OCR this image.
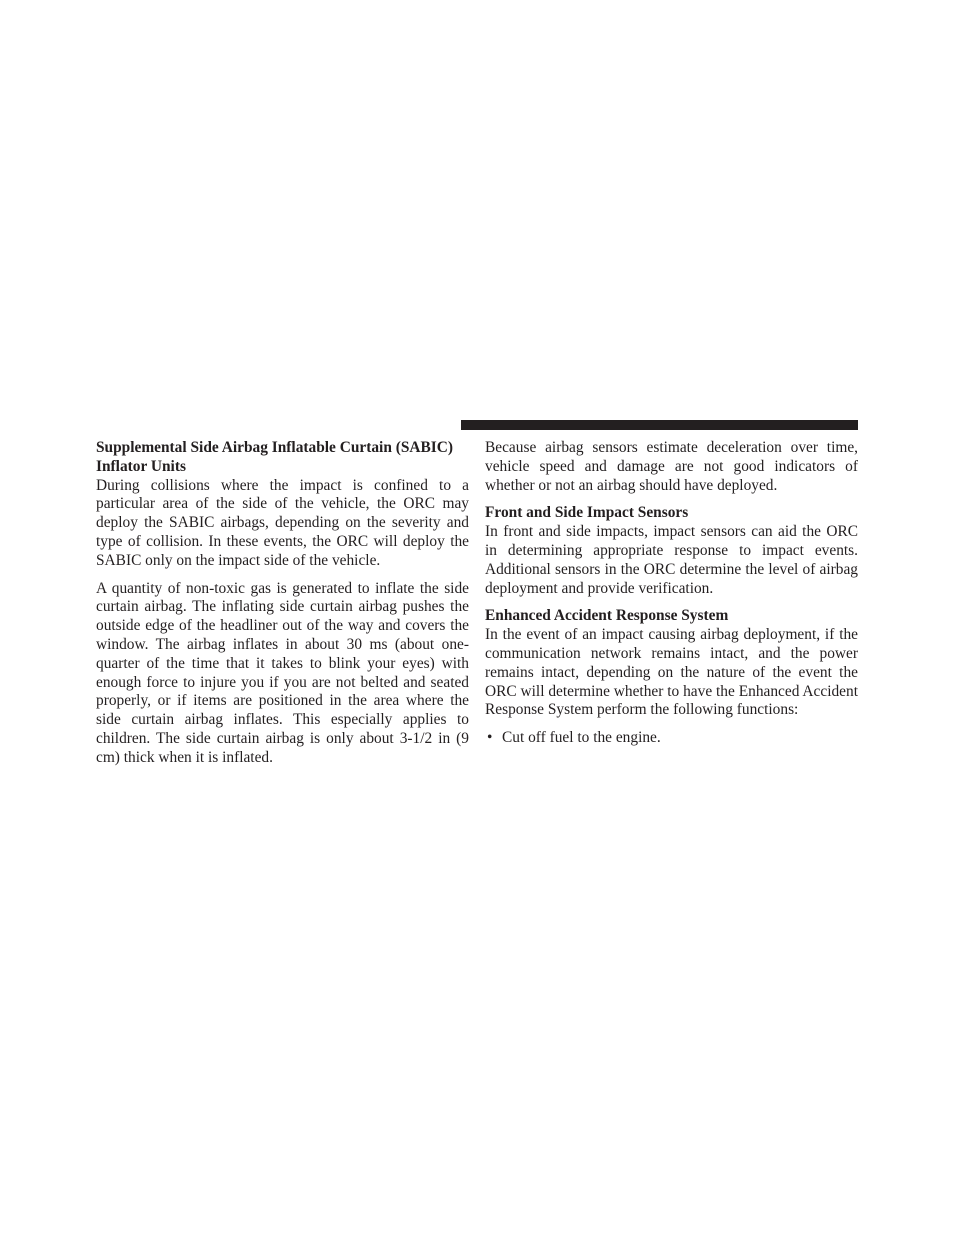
Supplemental Side Airbag Inflatable Curtain (SABIC) Inflator Units

During collisions where the impact is confined to a particular area of the side of the vehicle, the ORC may deploy the SABIC airbags, depending on the severity and type of collision. In these events, the ORC will deploy the SABIC only on the impact side of the vehicle.

A quantity of non-toxic gas is generated to inflate the side curtain airbag. The inflating side curtain airbag pushes the outside edge of the headliner out of the way and covers the window. The airbag inflates in about 30 ms (about one-quarter of the time that it takes to blink your eyes) with enough force to injure you if you are not belted and seated properly, or if items are positioned in the area where the side curtain airbag inflates. This especially applies to children. The side curtain airbag is only about 3-1/2 in (9 cm) thick when it is inflated.

Because airbag sensors estimate deceleration over time, vehicle speed and damage are not good indicators of whether or not an airbag should have deployed.

Front and Side Impact Sensors

In front and side impacts, impact sensors can aid the ORC in determining appropriate response to impact events. Additional sensors in the ORC determine the level of airbag deployment and provide verification.

Enhanced Accident Response System

In the event of an impact causing airbag deployment, if the communication network remains intact, and the power remains intact, depending on the nature of the event the ORC will determine whether to have the Enhanced Accident Response System perform the following functions:

• Cut off fuel to the engine.
